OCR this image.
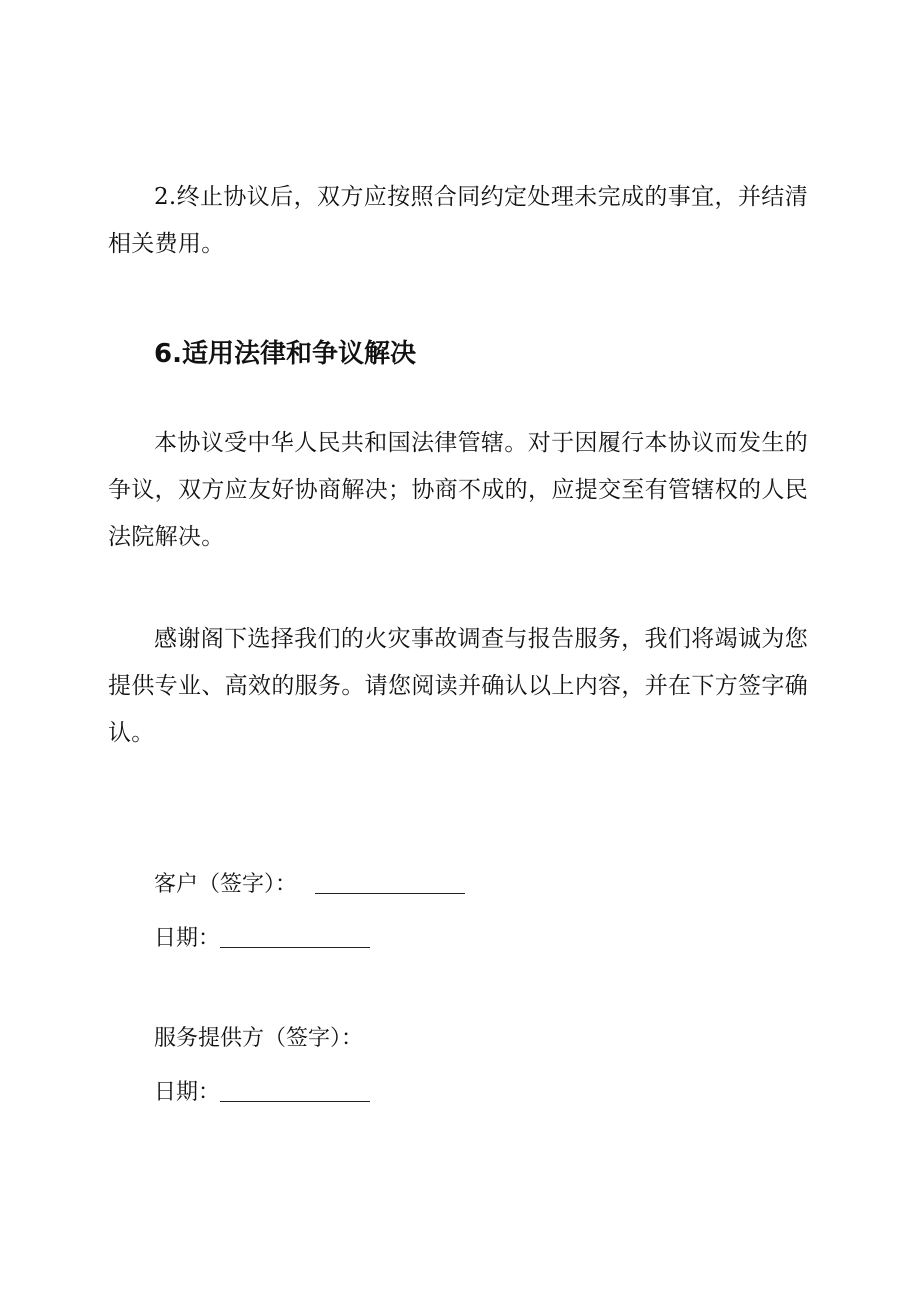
2.终止协议后，双方应按照合同约定处理未完成的事宜，并结清相关费用。

6.适用法律和争议解决

本协议受中华人民共和国法律管辖。对于因履行本协议而发生的争议，双方应友好协商解决；协商不成的，应提交至有管辖权的人民法院解决。

感谢阁下选择我们的火灾事故调查与报告服务，我们将竭诚为您提供专业、高效的服务。请您阅读并确认以上内容，并在下方签字确认。

客户（签字）：
日期：
服务提供方（签字）：
日期：
